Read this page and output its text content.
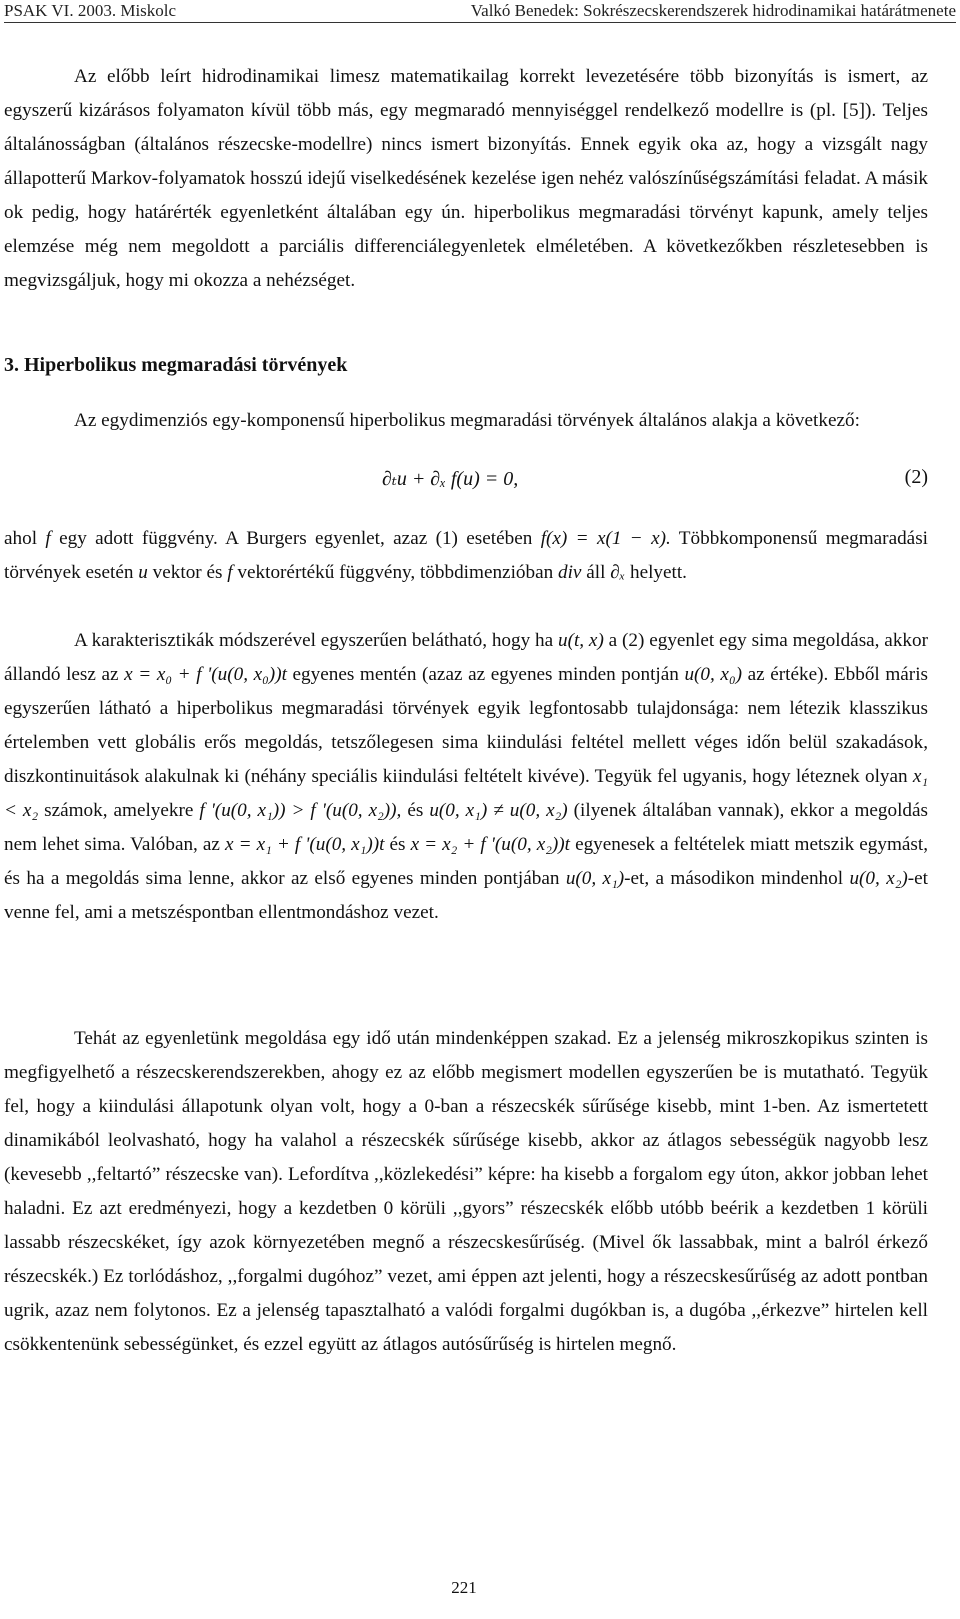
PSAK VI. 2003. Miskolc	Valkó Benedek: Sokrészecskerendszerek hidrodinamikai határátmenete

Az előbb leírt hidrodinamikai limesz matematikailag korrekt levezetésére több bizonyítás is ismert, az egyszerű kizárásos folyamaton kívül több más, egy megmaradó mennyiséggel rendelkező modellre is (pl. [5]). Teljes általánosságban (általános részecske-modellre) nincs ismert bizonyítás. Ennek egyik oka az, hogy a vizsgált nagy állapotterű Markov-folyamatok hosszú idejű viselkedésének kezelése igen nehéz valószínűségszámítási feladat. A másik ok pedig, hogy határérték egyenletként általában egy ún. hiperbolikus megmaradási törvényt kapunk, amely teljes elemzése még nem megoldott a parciális differenciálegyenletek elméletében. A következőkben részletesebben is megvizsgáljuk, hogy mi okozza a nehézséget.

3. Hiperbolikus megmaradási törvények

Az egydimenziós egy-komponensű hiperbolikus megmaradási törvények általános alakja a következő:

∂ₜu + ∂ₓ f(u) = 0,	(2)

ahol f egy adott függvény. A Burgers egyenlet, azaz (1) esetében f(x) = x(1 − x). Többkomponensű megmaradási törvények esetén u vektor és f vektorértékű függvény, többdimenzióban div áll ∂ₓ helyett.

A karakterisztikák módszerével egyszerűen belátható, hogy ha u(t, x) a (2) egyenlet egy sima megoldása, akkor állandó lesz az x = x₀ + f '(u(0, x₀))t egyenes mentén (azaz az egyenes minden pontján u(0, x₀) az értéke). Ebből máris egyszerűen látható a hiperbolikus megmaradási törvények egyik legfontosabb tulajdonsága: nem létezik klasszikus értelemben vett globális erős megoldás, tetszőlegesen sima kiindulási feltétel mellett véges időn belül szakadások, diszkontinuitások alakulnak ki (néhány speciális kiindulási feltételt kivéve). Tegyük fel ugyanis, hogy léteznek olyan x₁ < x₂ számok, amelyekre f '(u(0, x₁)) > f '(u(0, x₂)), és u(0, x₁) ≠ u(0, x₂) (ilyenek általában vannak), ekkor a megoldás nem lehet sima. Valóban, az x = x₁ + f '(u(0, x₁))t és x = x₂ + f '(u(0, x₂))t egyenesek a feltételek miatt metszik egymást, és ha a megoldás sima lenne, akkor az első egyenes minden pontjában u(0, x₁)-et, a másodikon mindenhol u(0, x₂)-et venne fel, ami a metszéspontban ellentmondáshoz vezet.

Tehát az egyenletünk megoldása egy idő után mindenképpen szakad. Ez a jelenség mikroszkopikus szinten is megfigyelhető a részecskerendszerekben, ahogy ez az előbb megismert modellen egyszerűen be is mutatható. Tegyük fel, hogy a kiindulási állapotunk olyan volt, hogy a 0-ban a részecskék sűrűsége kisebb, mint 1-ben. Az ismertetett dinamikából leolvasható, hogy ha valahol a részecskék sűrűsége kisebb, akkor az átlagos sebességük nagyobb lesz (kevesebb ,,feltartó” részecske van). Lefordítva ,,közlekedési” képre: ha kisebb a forgalom egy úton, akkor jobban lehet haladni. Ez azt eredményezi, hogy a kezdetben 0 körüli ,,gyors” részecskék előbb utóbb beérik a kezdetben 1 körüli lassabb részecskéket, így azok környezetében megnő a részecskesűrűség. (Mivel ők lassabbak, mint a balról érkező részecskék.) Ez torlódáshoz, ,,forgalmi dugóhoz” vezet, ami éppen azt jelenti, hogy a részecskesűrűség az adott pontban ugrik, azaz nem folytonos. Ez a jelenség tapasztalható a valódi forgalmi dugókban is, a dugóba ,,érkezve” hirtelen kell csökkentenünk sebességünket, és ezzel együtt az átlagos autósűrűség is hirtelen megnő.

221
